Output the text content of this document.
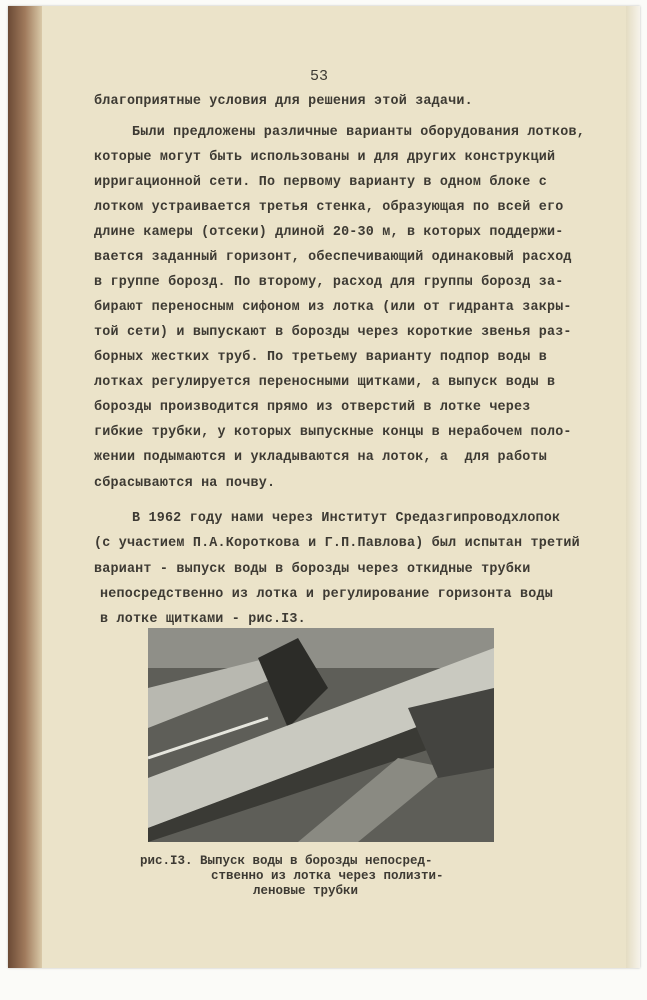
53
благоприятные условия для решения этой задачи.
Были предложены различные варианты оборудования лотков,
которые могут быть использованы и для других конструкций
ирригационной сети. По первому варианту в одном блоке с
лотком устраивается третья стенка, образующая по всей его
длине камеры (отсеки) длиной 20-30 м, в которых поддержи-
вается заданный горизонт, обеспечивающий одинаковый расход
в группе борозд. По второму, расход для группы борозд за-
бирают переносным сифоном из лотка (или от гидранта закры-
той сети) и выпускают в борозды через короткие звенья раз-
борных жестких труб. По третьему варианту подпор воды в
лотках регулируется переносными щитками, а выпуск воды в
борозды производится прямо из отверстий в лотке через
гибкие трубки, у которых выпускные концы в нерабочем поло-
жении подымаются и укладываются на лоток, а  для работы
сбрасываются на почву.
В 1962 году нами через Институт Средазгипроводхлопок
(с участием П.А.Короткова и Г.П.Павлова) был испытан третий
вариант - выпуск воды в борозды через откидные трубки
непосредственно из лотка и регулирование горизонта воды
в лотке щитками - рис.I3.
рис.I3. Выпуск воды в борозды непосред-
ственно из лотка через полизти-
леновые трубки
